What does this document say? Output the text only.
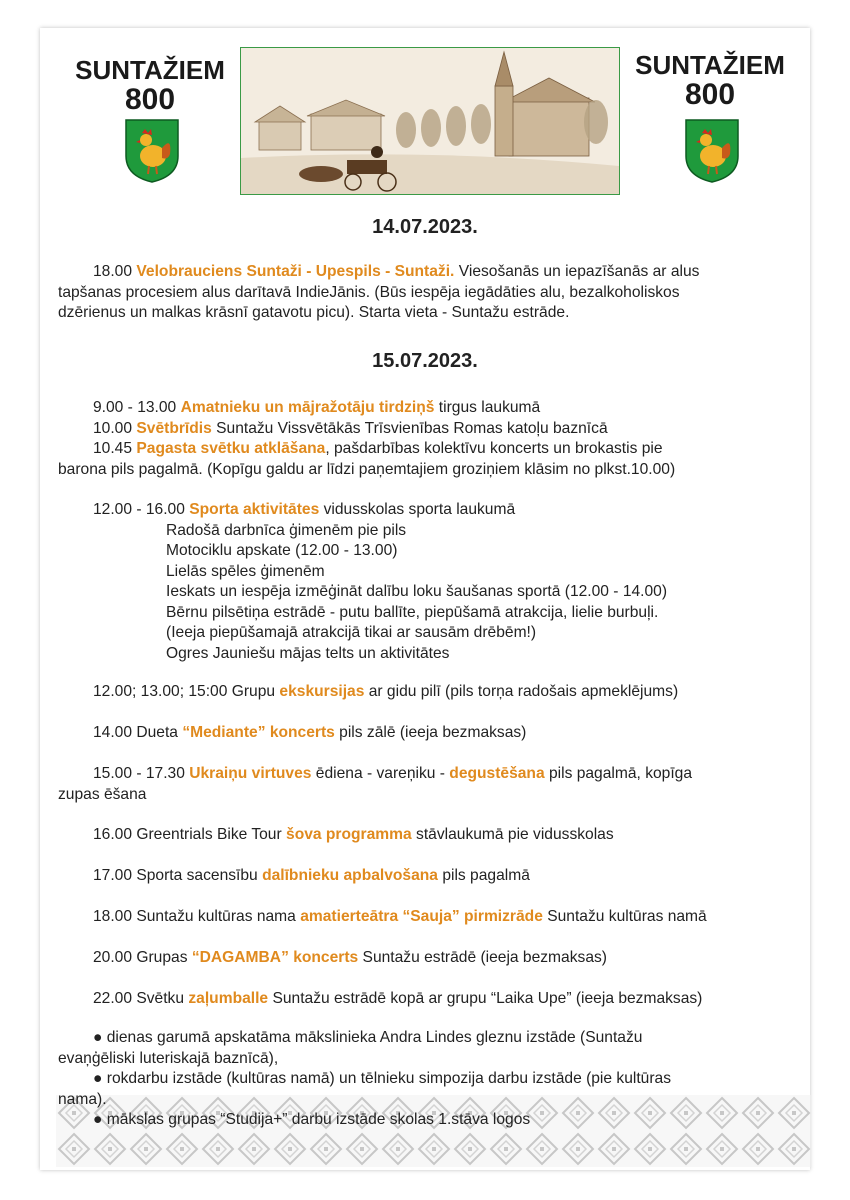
SUNTAŽIEM
800
SUNTAŽIEM
800
14.07.2023.

18.00 Velobrauciens Suntaži - Upespils - Suntaži. Viesošanās un iepazīšanās ar alus

tapšanas procesiem alus darītavā IndieJānis. (Būs iespēja iegādāties alu, bezalkoholiskos

dzērienus un malkas krāsnī gatavotu picu). Starta vieta - Suntažu estrāde.

15.07.2023.

9.00 - 13.00 Amatnieku un mājražotāju tirdziņš tirgus laukumā

10.00 Svētbrīdis Suntažu Vissvētākās Trīsvienības Romas katoļu baznīcā

10.45 Pagasta svētku atklāšana, pašdarbības kolektīvu koncerts un brokastis pie

barona pils pagalmā. (Kopīgu galdu ar līdzi paņemtajiem groziņiem klāsim no plkst.10.00)

12.00 - 16.00 Sporta aktivitātes vidusskolas sporta laukumā

Radošā darbnīca ģimenēm pie pils

Motociklu apskate (12.00 - 13.00)

Lielās spēles ģimenēm

Ieskats un iespēja izmēģināt dalību loku šaušanas sportā (12.00 - 14.00)

Bērnu pilsētiņa estrādē - putu ballīte, piepūšamā atrakcija, lielie burbuļi.

(Ieeja piepūšamajā atrakcijā tikai ar sausām drēbēm!)

Ogres Jauniešu mājas telts un aktivitātes

12.00; 13.00; 15:00 Grupu ekskursijas ar gidu pilī (pils torņa radošais apmeklējums)

14.00 Dueta “Mediante” koncerts pils zālē (ieeja bezmaksas)

15.00 - 17.30 Ukraiņu virtuves ēdiena - vareņiku - degustēšana pils pagalmā, kopīga

zupas ēšana

16.00 Greentrials Bike Tour šova programma stāvlaukumā pie vidusskolas

17.00 Sporta sacensību dalībnieku apbalvošana pils pagalmā

18.00 Suntažu kultūras nama amatierteātra “Sauja” pirmizrāde Suntažu kultūras namā

20.00 Grupas “DAGAMBA” koncerts Suntažu estrādē (ieeja bezmaksas)

22.00 Svētku zaļumballe Suntažu estrādē kopā ar grupu “Laika Upe” (ieeja bezmaksas)

● dienas garumā apskatāma mākslinieka Andra Lindes gleznu izstāde (Suntažu

evaņģēliski luteriskajā baznīcā),

● rokdarbu izstāde (kultūras namā) un tēlnieku simpozija darbu izstāde (pie kultūras

nama).

● mākslas grupas “Studija+” darbu izstāde skolas 1.stāva logos
